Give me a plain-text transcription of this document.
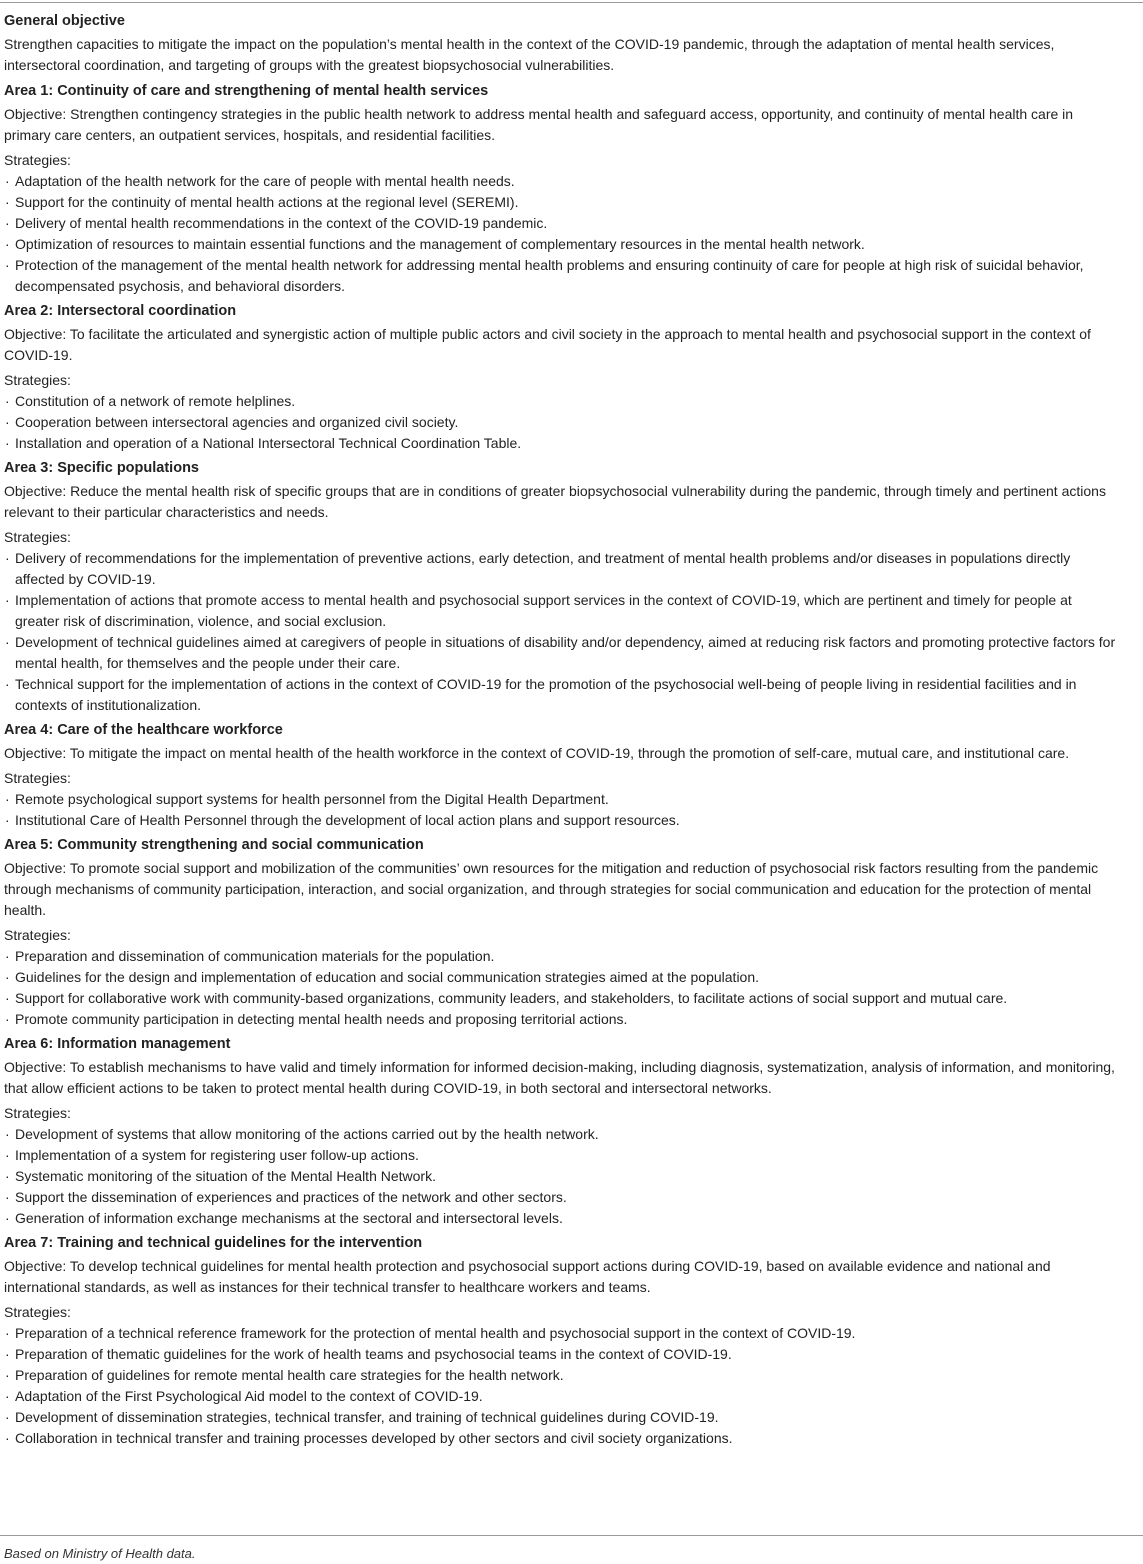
General objective

Strengthen capacities to mitigate the impact on the population’s mental health in the context of the COVID-19 pandemic, through the adaptation of mental health services, intersectoral coordination, and targeting of groups with the greatest biopsychosocial vulnerabilities.

Area 1: Continuity of care and strengthening of mental health services

Objective: Strengthen contingency strategies in the public health network to address mental health and safeguard access, opportunity, and continuity of mental health care in primary care centers, an outpatient services, hospitals, and residential facilities.

Strategies:

· Adaptation of the health network for the care of people with mental health needs.
· Support for the continuity of mental health actions at the regional level (SEREMI).
· Delivery of mental health recommendations in the context of the COVID-19 pandemic.
· Optimization of resources to maintain essential functions and the management of complementary resources in the mental health network.
· Protection of the management of the mental health network for addressing mental health problems and ensuring continuity of care for people at high risk of suicidal behavior, decompensated psychosis, and behavioral disorders.

Area 2: Intersectoral coordination

Objective: To facilitate the articulated and synergistic action of multiple public actors and civil society in the approach to mental health and psychosocial support in the context of COVID-19.

Strategies:

· Constitution of a network of remote helplines.
· Cooperation between intersectoral agencies and organized civil society.
· Installation and operation of a National Intersectoral Technical Coordination Table.

Area 3: Specific populations

Objective: Reduce the mental health risk of specific groups that are in conditions of greater biopsychosocial vulnerability during the pandemic, through timely and pertinent actions relevant to their particular characteristics and needs.

Strategies:

· Delivery of recommendations for the implementation of preventive actions, early detection, and treatment of mental health problems and/or diseases in populations directly affected by COVID-19.
· Implementation of actions that promote access to mental health and psychosocial support services in the context of COVID-19, which are pertinent and timely for people at greater risk of discrimination, violence, and social exclusion.
· Development of technical guidelines aimed at caregivers of people in situations of disability and/or dependency, aimed at reducing risk factors and promoting protective factors for mental health, for themselves and the people under their care.
· Technical support for the implementation of actions in the context of COVID-19 for the promotion of the psychosocial well-being of people living in residential facilities and in contexts of institutionalization.

Area 4: Care of the healthcare workforce

Objective: To mitigate the impact on mental health of the health workforce in the context of COVID-19, through the promotion of self-care, mutual care, and institutional care.

Strategies:

· Remote psychological support systems for health personnel from the Digital Health Department.
· Institutional Care of Health Personnel through the development of local action plans and support resources.

Area 5: Community strengthening and social communication

Objective: To promote social support and mobilization of the communities’ own resources for the mitigation and reduction of psychosocial risk factors resulting from the pandemic through mechanisms of community participation, interaction, and social organization, and through strategies for social communication and education for the protection of mental health.

Strategies:

· Preparation and dissemination of communication materials for the population.
· Guidelines for the design and implementation of education and social communication strategies aimed at the population.
· Support for collaborative work with community-based organizations, community leaders, and stakeholders, to facilitate actions of social support and mutual care.
· Promote community participation in detecting mental health needs and proposing territorial actions.

Area 6: Information management

Objective: To establish mechanisms to have valid and timely information for informed decision-making, including diagnosis, systematization, analysis of information, and monitoring, that allow efficient actions to be taken to protect mental health during COVID-19, in both sectoral and intersectoral networks.

Strategies:

· Development of systems that allow monitoring of the actions carried out by the health network.
· Implementation of a system for registering user follow-up actions.
· Systematic monitoring of the situation of the Mental Health Network.
· Support the dissemination of experiences and practices of the network and other sectors.
· Generation of information exchange mechanisms at the sectoral and intersectoral levels.

Area 7: Training and technical guidelines for the intervention

Objective: To develop technical guidelines for mental health protection and psychosocial support actions during COVID-19, based on available evidence and national and international standards, as well as instances for their technical transfer to healthcare workers and teams.

Strategies:

· Preparation of a technical reference framework for the protection of mental health and psychosocial support in the context of COVID-19.
· Preparation of thematic guidelines for the work of health teams and psychosocial teams in the context of COVID-19.
· Preparation of guidelines for remote mental health care strategies for the health network.
· Adaptation of the First Psychological Aid model to the context of COVID-19.
· Development of dissemination strategies, technical transfer, and training of technical guidelines during COVID-19.
· Collaboration in technical transfer and training processes developed by other sectors and civil society organizations.
Based on Ministry of Health data.
